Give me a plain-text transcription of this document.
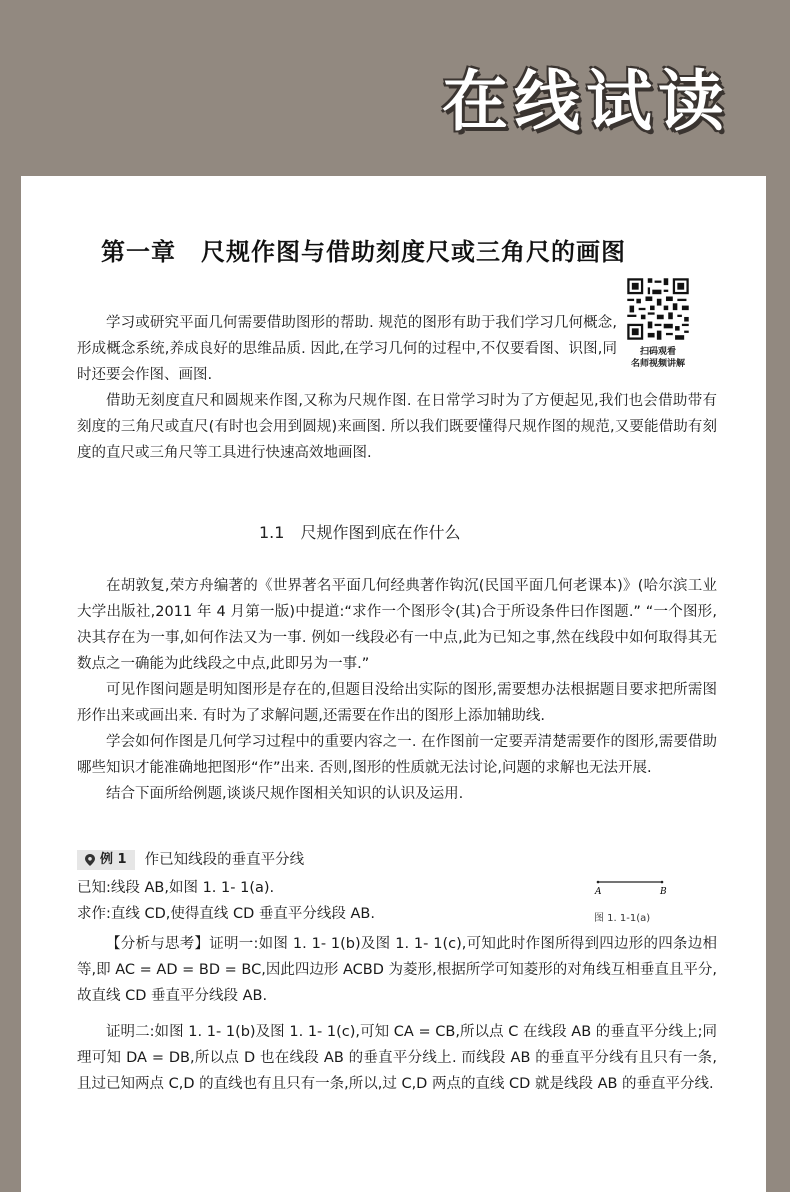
在线试读
第一章　尺规作图与借助刻度尺或三角尺的画图
扫码观看
名师视频讲解

学习或研究平面几何需要借助图形的帮助. 规范的图形有助于我们学习几何概念,形成概念系统,养成良好的思维品质. 因此,在学习几何的过程中,不仅要看图、识图,同时还要会作图、画图.

借助无刻度直尺和圆规来作图,又称为尺规作图. 在日常学习时为了方便起见,我们也会借助带有刻度的三角尺或直尺(有时也会用到圆规)来画图. 所以我们既要懂得尺规作图的规范,又要能借助有刻度的直尺或三角尺等工具进行快速高效地画图.

1.1　尺规作图到底在作什么

在胡敦复,荣方舟编著的《世界著名平面几何经典著作钩沉(民国平面几何老课本)》(哈尔滨工业大学出版社,2011 年 4 月第一版)中提道:“求作一个图形令(其)合于所设条件曰作图题.” “一个图形,决其存在为一事,如何作法又为一事. 例如一线段必有一中点,此为已知之事,然在线段中如何取得其无数点之一确能为此线段之中点,此即另为一事.”

可见作图问题是明知图形是存在的,但题目没给出实际的图形,需要想办法根据题目要求把所需图形作出来或画出来. 有时为了求解问题,还需要在作出的图形上添加辅助线.

学会如何作图是几何学习过程中的重要内容之一. 在作图前一定要弄清楚需要作的图形,需要借助哪些知识才能准确地把图形“作”出来. 否则,图形的性质就无法讨论,问题的求解也无法开展.

结合下面所给例题,谈谈尺规作图相关知识的认识及运用.

例 1 作已知线段的垂直平分线
已知:线段 AB,如图 1. 1- 1(a).
求作:直线 CD,使得直线 CD 垂直平分线段 AB.
A	B
图 1. 1-1(a)

【分析与思考】证明一:如图 1. 1- 1(b)及图 1. 1- 1(c),可知此时作图所得到四边形的四条边相等,即 AC = AD = BD = BC,因此四边形 ACBD 为菱形,根据所学可知菱形的对角线互相垂直且平分,故直线 CD 垂直平分线段 AB.

证明二:如图 1. 1- 1(b)及图 1. 1- 1(c),可知 CA = CB,所以点 C 在线段 AB 的垂直平分线上;同理可知 DA = DB,所以点 D 也在线段 AB 的垂直平分线上. 而线段 AB 的垂直平分线有且只有一条,且过已知两点 C,D 的直线也有且只有一条,所以,过 C,D 两点的直线 CD 就是线段 AB 的垂直平分线.
